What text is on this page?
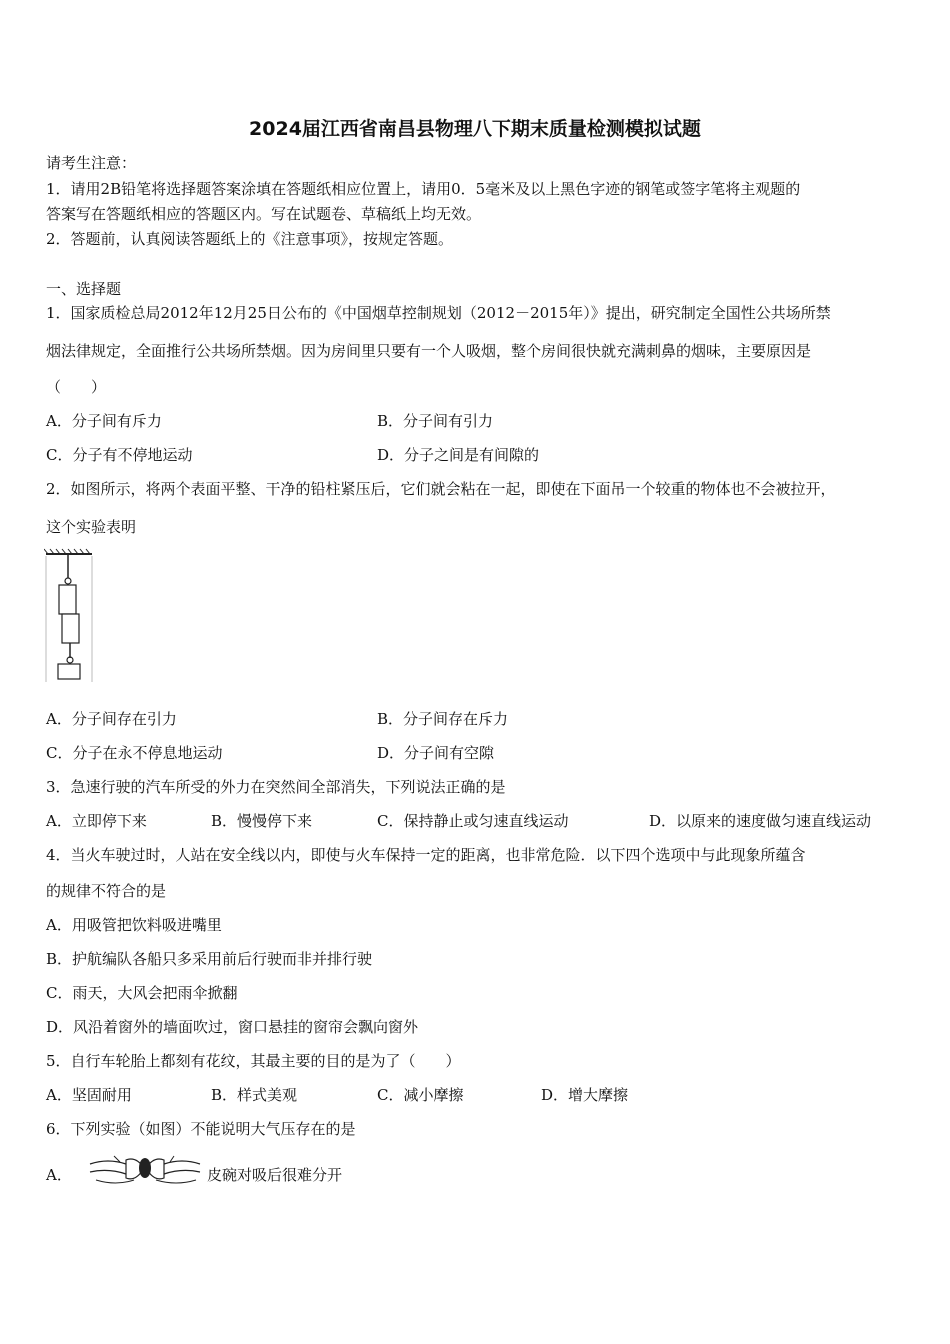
2024届江西省南昌县物理八下期末质量检测模拟试题
请考生注意：
1．请用2B铅笔将选择题答案涂填在答题纸相应位置上，请用0．5毫米及以上黑色字迹的钢笔或签字笔将主观题的
答案写在答题纸相应的答题区内。写在试题卷、草稿纸上均无效。
2．答题前，认真阅读答题纸上的《注意事项》，按规定答题。
一、选择题
1．国家质检总局2012年12月25日公布的《中国烟草控制规划（2012－2015年）》提出，研究制定全国性公共场所禁
烟法律规定，全面推行公共场所禁烟。因为房间里只要有一个人吸烟，整个房间很快就充满刺鼻的烟味，主要原因是
（　　）
A．分子间有斥力	B．分子间有引力
C．分子有不停地运动	D．分子之间是有间隙的
2．如图所示，将两个表面平整、干净的铅柱紧压后，它们就会粘在一起，即使在下面吊一个较重的物体也不会被拉开，
这个实验表明
A．分子间存在引力	B．分子间存在斥力
C．分子在永不停息地运动	D．分子间有空隙
3．急速行驶的汽车所受的外力在突然间全部消失，下列说法正确的是
A．立即停下来	B．慢慢停下来	C．保持静止或匀速直线运动	D．以原来的速度做匀速直线运动
4．当火车驶过时，人站在安全线以内，即使与火车保持一定的距离，也非常危险．以下四个选项中与此现象所蕴含
的规律不符合的是
A．用吸管把饮料吸进嘴里
B．护航编队各船只多采用前后行驶而非并排行驶
C．雨天，大风会把雨伞掀翻
D．风沿着窗外的墙面吹过，窗口悬挂的窗帘会飘向窗外
5．自行车轮胎上都刻有花纹，其最主要的目的是为了（　　）
A．坚固耐用	B．样式美观	C．减小摩擦	D．增大摩擦
6．下列实验（如图）不能说明大气压存在的是
A．	皮碗对吸后很难分开
